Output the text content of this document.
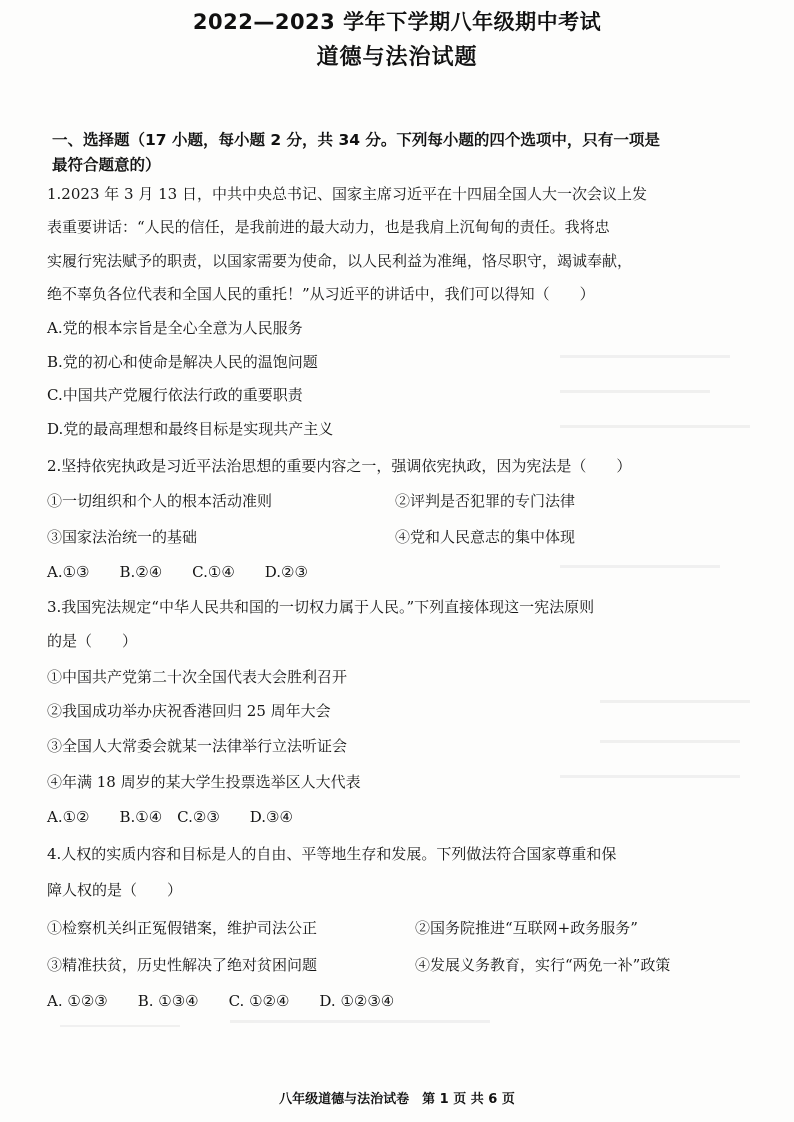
2022—2023 学年下学期八年级期中考试
道德与法治试题
一、选择题（17 小题，每小题 2 分，共 34 分。下列每小题的四个选项中，只有一项是
最符合题意的）
1.2023 年 3 月 13 日，中共中央总书记、国家主席习近平在十四届全国人大一次会议上发
表重要讲话：“人民的信任，是我前进的最大动力，也是我肩上沉甸甸的责任。我将忠
实履行宪法赋予的职责，以国家需要为使命，以人民利益为准绳，恪尽职守，竭诚奉献，
绝不辜负各位代表和全国人民的重托！”从习近平的讲话中，我们可以得知（　　）
A.党的根本宗旨是全心全意为人民服务
B.党的初心和使命是解决人民的温饱问题
C.中国共产党履行依法行政的重要职责
D.党的最高理想和最终目标是实现共产主义
2.坚持依宪执政是习近平法治思想的重要内容之一，强调依宪执政，因为宪法是（　　）
①一切组织和个人的根本活动准则	②评判是否犯罪的专门法律
③国家法治统一的基础	④党和人民意志的集中体现
A.①③　　B.②④　　C.①④　　D.②③
3.我国宪法规定“中华人民共和国的一切权力属于人民。”下列直接体现这一宪法原则
的是（　　）
①中国共产党第二十次全国代表大会胜利召开
②我国成功举办庆祝香港回归 25 周年大会
③全国人大常委会就某一法律举行立法听证会
④年满 18 周岁的某大学生投票选举区人大代表
A.①②　　B.①④　C.②③　　D.③④
4.人权的实质内容和目标是人的自由、平等地生存和发展。下列做法符合国家尊重和保
障人权的是（　　）
①检察机关纠正冤假错案，维护司法公正	②国务院推进“互联网+政务服务”
③精准扶贫，历史性解决了绝对贫困问题	④发展义务教育，实行“两免一补”政策
A. ①②③　　B. ①③④　　C. ①②④　　D. ①②③④
八年级道德与法治试卷　第 1 页 共 6 页
